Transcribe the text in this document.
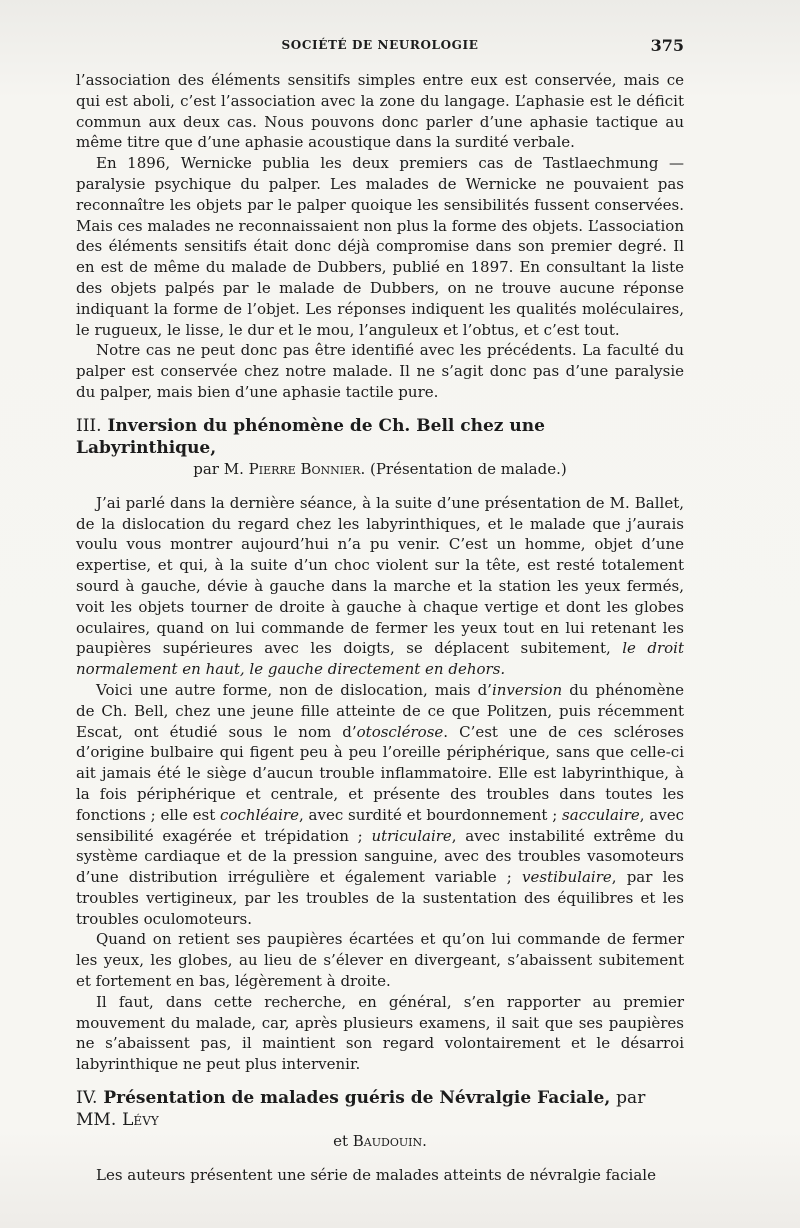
SOCIÉTÉ DE NEUROLOGIE	375

l’association des éléments sensitifs simples entre eux est conservée, mais ce qui est aboli, c’est l’association avec la zone du langage. L’aphasie est le déficit commun aux deux cas. Nous pouvons donc parler d’une aphasie tactique au même titre que d’une aphasie acoustique dans la surdité verbale.

En 1896, Wernicke publia les deux premiers cas de Tastlaechmung — paralysie psychique du palper. Les malades de Wernicke ne pouvaient pas reconnaître les objets par le palper quoique les sensibilités fussent conservées. Mais ces malades ne reconnaissaient non plus la forme des objets. L’association des éléments sensitifs était donc déjà compromise dans son premier degré. Il en est de même du malade de Dubbers, publié en 1897. En consultant la liste des objets palpés par le malade de Dubbers, on ne trouve aucune réponse indiquant la forme de l’objet. Les réponses indiquent les qualités moléculaires, le rugueux, le lisse, le dur et le mou, l’anguleux et l’obtus, et c’est tout.

Notre cas ne peut donc pas être identifié avec les précédents. La faculté du palper est conservée chez notre malade. Il ne s’agit donc pas d’une paralysie du palper, mais bien d’une aphasie tactile pure.

III. Inversion du phénomène de Ch. Bell chez une Labyrinthique,
par M. Pierre Bonnier. (Présentation de malade.)

J’ai parlé dans la dernière séance, à la suite d’une présentation de M. Ballet, de la dislocation du regard chez les labyrinthiques, et le malade que j’aurais voulu vous montrer aujourd’hui n’a pu venir. C’est un homme, objet d’une expertise, et qui, à la suite d’un choc violent sur la tête, est resté totalement sourd à gauche, dévie à gauche dans la marche et la station les yeux fermés, voit les objets tourner de droite à gauche à chaque vertige et dont les globes oculaires, quand on lui commande de fermer les yeux tout en lui retenant les paupières supérieures avec les doigts, se déplacent subitement, le droit normalement en haut, le gauche directement en dehors.

Voici une autre forme, non de dislocation, mais d’inversion du phénomène de Ch. Bell, chez une jeune fille atteinte de ce que Politzen, puis récemment Escat, ont étudié sous le nom d’otosclérose. C’est une de ces scléroses d’origine bulbaire qui figent peu à peu l’oreille périphérique, sans que celle-ci ait jamais été le siège d’aucun trouble inflammatoire. Elle est labyrinthique, à la fois périphérique et centrale, et présente des troubles dans toutes les fonctions ; elle est cochléaire, avec surdité et bourdonnement ; sacculaire, avec sensibilité exagérée et trépidation ; utriculaire, avec instabilité extrême du système cardiaque et de la pression sanguine, avec des troubles vasomoteurs d’une distribution irrégulière et également variable ; vestibulaire, par les troubles vertigineux, par les troubles de la sustentation des équilibres et les troubles oculomoteurs.

Quand on retient ses paupières écartées et qu’on lui commande de fermer les yeux, les globes, au lieu de s’élever en divergeant, s’abaissent subitement et fortement en bas, légèrement à droite.

Il faut, dans cette recherche, en général, s’en rapporter au premier mouvement du malade, car, après plusieurs examens, il sait que ses paupières ne s’abaissent pas, il maintient son regard volontairement et le désarroi labyrinthique ne peut plus intervenir.

IV. Présentation de malades guéris de Névralgie Faciale, par MM. Lévy
et Baudouin.

Les auteurs présentent une série de malades atteints de névralgie faciale
